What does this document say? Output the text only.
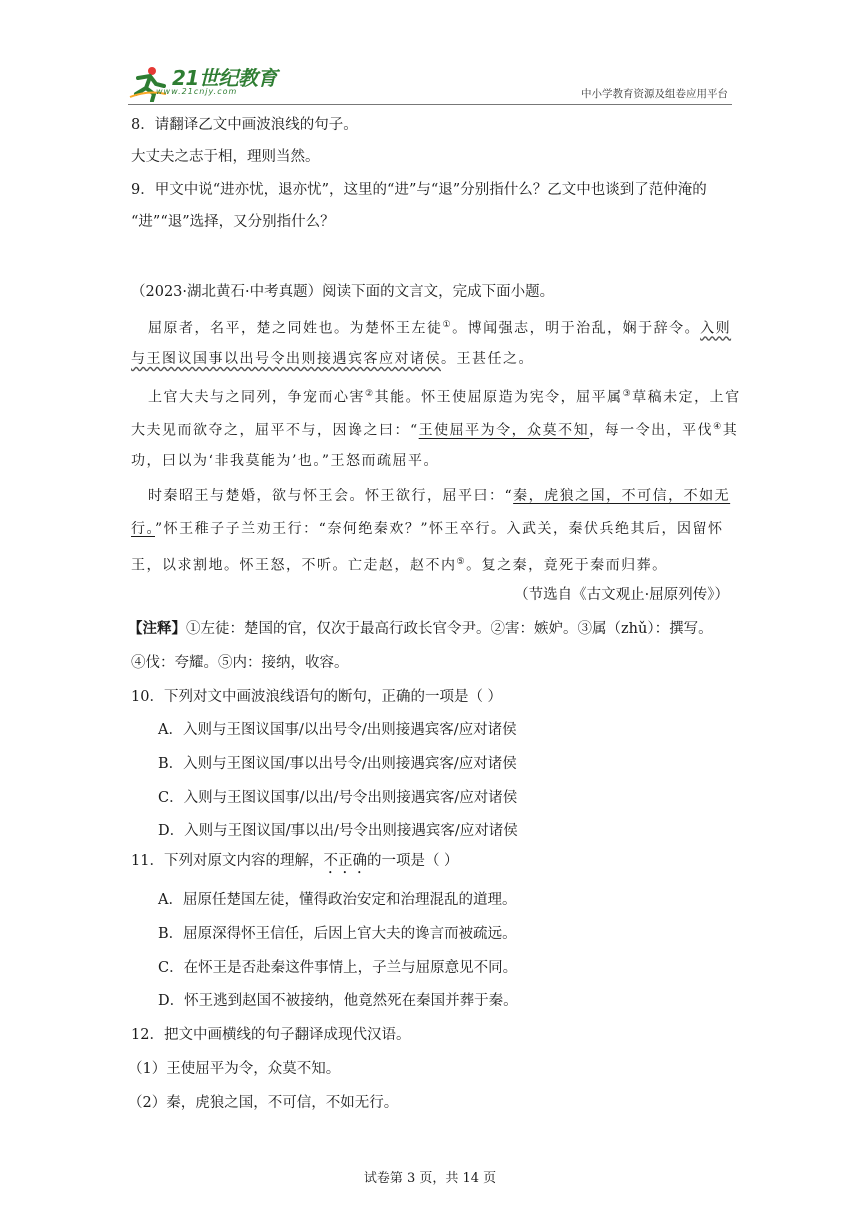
21世纪教育
www.21cnjy.com	中小学教育资源及组卷应用平台
8．请翻译乙文中画波浪线的句子。
大丈夫之志于相，理则当然。
9．甲文中说“进亦忧，退亦忧”，这里的“进”与“退”分别指什么？乙文中也谈到了范仲淹的
“进”“退”选择，又分别指什么？
（2023·湖北黄石·中考真题）阅读下面的文言文，完成下面小题。
屈原者，名平，楚之同姓也。为楚怀王左徒①。博闻强志，明于治乱，娴于辞令。入则
与王图议国事以出号令出则接遇宾客应对诸侯。王甚任之。
上官大夫与之同列，争宠而心害②其能。怀王使屈原造为宪令，屈平属③草稿未定，上官
大夫见而欲夺之，屈平不与，因谗之曰：“王使屈平为令，众莫不知，每一令出，平伐④其
功，曰以为‘非我莫能为’也。”王怒而疏屈平。
时秦昭王与楚婚，欲与怀王会。怀王欲行，屈平曰：“秦，虎狼之国，不可信，不如无
行。”怀王稚子子兰劝王行：“奈何绝秦欢？”怀王卒行。入武关，秦伏兵绝其后，因留怀
王，以求割地。怀王怒，不听。亡走赵，赵不内⑤。复之秦，竟死于秦而归葬。
（节选自《古文观止·屈原列传》）
【注释】①左徒：楚国的官，仅次于最高行政长官令尹。②害：嫉妒。③属（zhǔ）：撰写。
④伐：夸耀。⑤内：接纳，收容。
10．下列对文中画波浪线语句的断句，正确的一项是（ ）
A．入则与王图议国事/以出号令/出则接遇宾客/应对诸侯
B．入则与王图议国/事以出号令/出则接遇宾客/应对诸侯
C．入则与王图议国事/以出/号令出则接遇宾客/应对诸侯
D．入则与王图议国/事以出/号令出则接遇宾客/应对诸侯
11．下列对原文内容的理解，不正确的一项是（ ）
A．屈原任楚国左徒，懂得政治安定和治理混乱的道理。
B．屈原深得怀王信任，后因上官大夫的谗言而被疏远。
C．在怀王是否赴秦这件事情上，子兰与屈原意见不同。
D．怀王逃到赵国不被接纳，他竟然死在秦国并葬于秦。
12．把文中画横线的句子翻译成现代汉语。
（1）王使屈平为令，众莫不知。
（2）秦，虎狼之国，不可信，不如无行。
试卷第 3 页，共 14 页
